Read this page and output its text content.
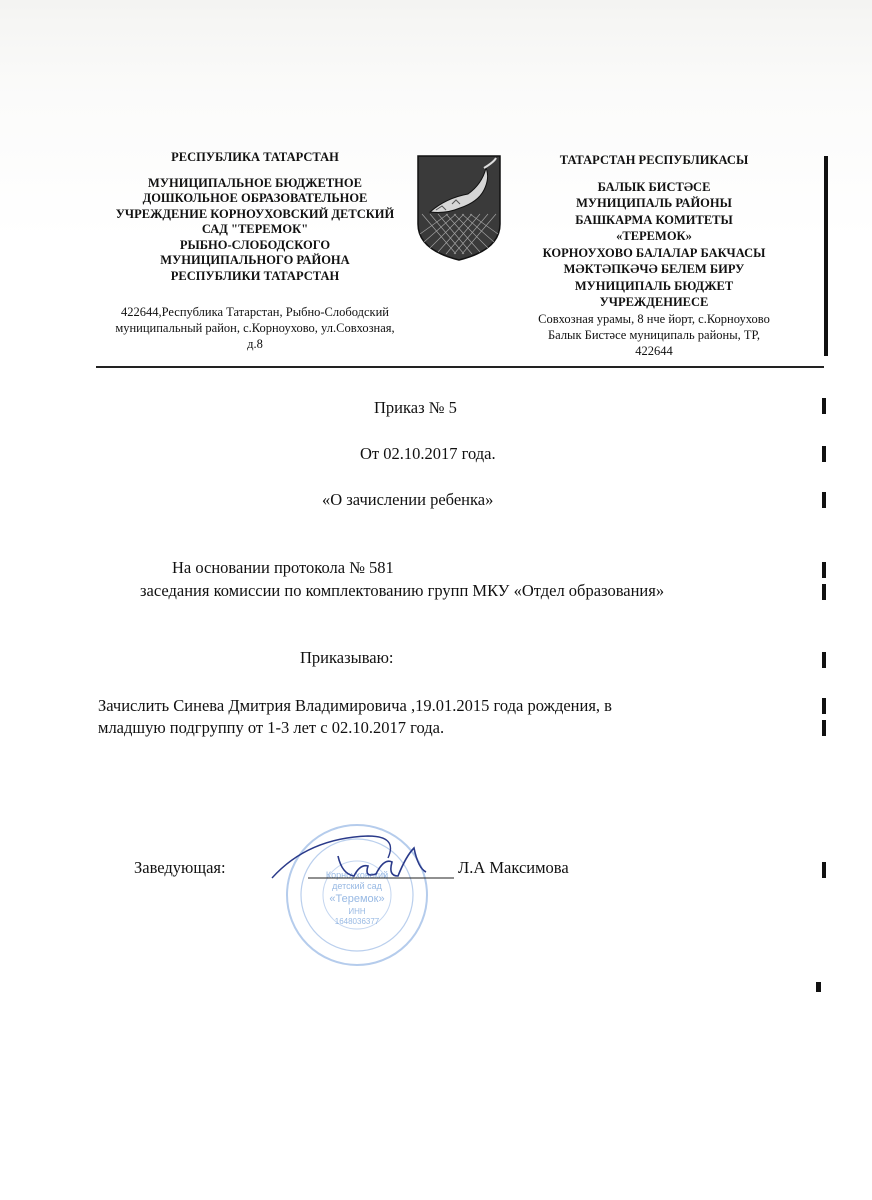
РЕСПУБЛИКА ТАТАРСТАН
МУНИЦИПАЛЬНОЕ БЮДЖЕТНОЕ
ДОШКОЛЬНОЕ ОБРАЗОВАТЕЛЬНОЕ
УЧРЕЖДЕНИЕ КОРНОУХОВСКИЙ ДЕТСКИЙ
САД "ТЕРЕМОК"
РЫБНО-СЛОБОДСКОГО
МУНИЦИПАЛЬНОГО РАЙОНА
РЕСПУБЛИКИ ТАТАРСТАН
422644,Республика Татарстан, Рыбно-Слободский
муниципальный район, с.Корноухово, ул.Совхозная,
д.8
ТАТАРСТАН РЕСПУБЛИКАСЫ
БАЛЫК БИСТӘСЕ
МУНИЦИПАЛЬ РАЙОНЫ
БАШКАРМА КОМИТЕТЫ
«ТЕРЕМОК»
КОРНОУХОВО БАЛАЛАР БАКЧАСЫ
МӘКТӘПКӘЧӘ БЕЛЕМ БИРУ
МУНИЦИПАЛЬ БЮДЖЕТ
УЧРЕЖДЕНИЕСЕ
Совхозная урамы, 8 нче йорт, с.Корноухово
Балык Бистәсе муниципаль районы, ТР,
422644
Приказ № 5
От 02.10.2017 года.
«О зачислении ребенка»
На основании протокола № 581
заседания комиссии по комплектованию групп МКУ «Отдел образования»
Приказываю:
Зачислить Синева Дмитрия Владимировича ,19.01.2015 года рождения, в
младшую подгруппу от 1-3 лет с 02.10.2017 года.
Корноуховский
детский сад
«Теремок»
ИНН
1648036377
Заведующая:	Л.А Максимова
